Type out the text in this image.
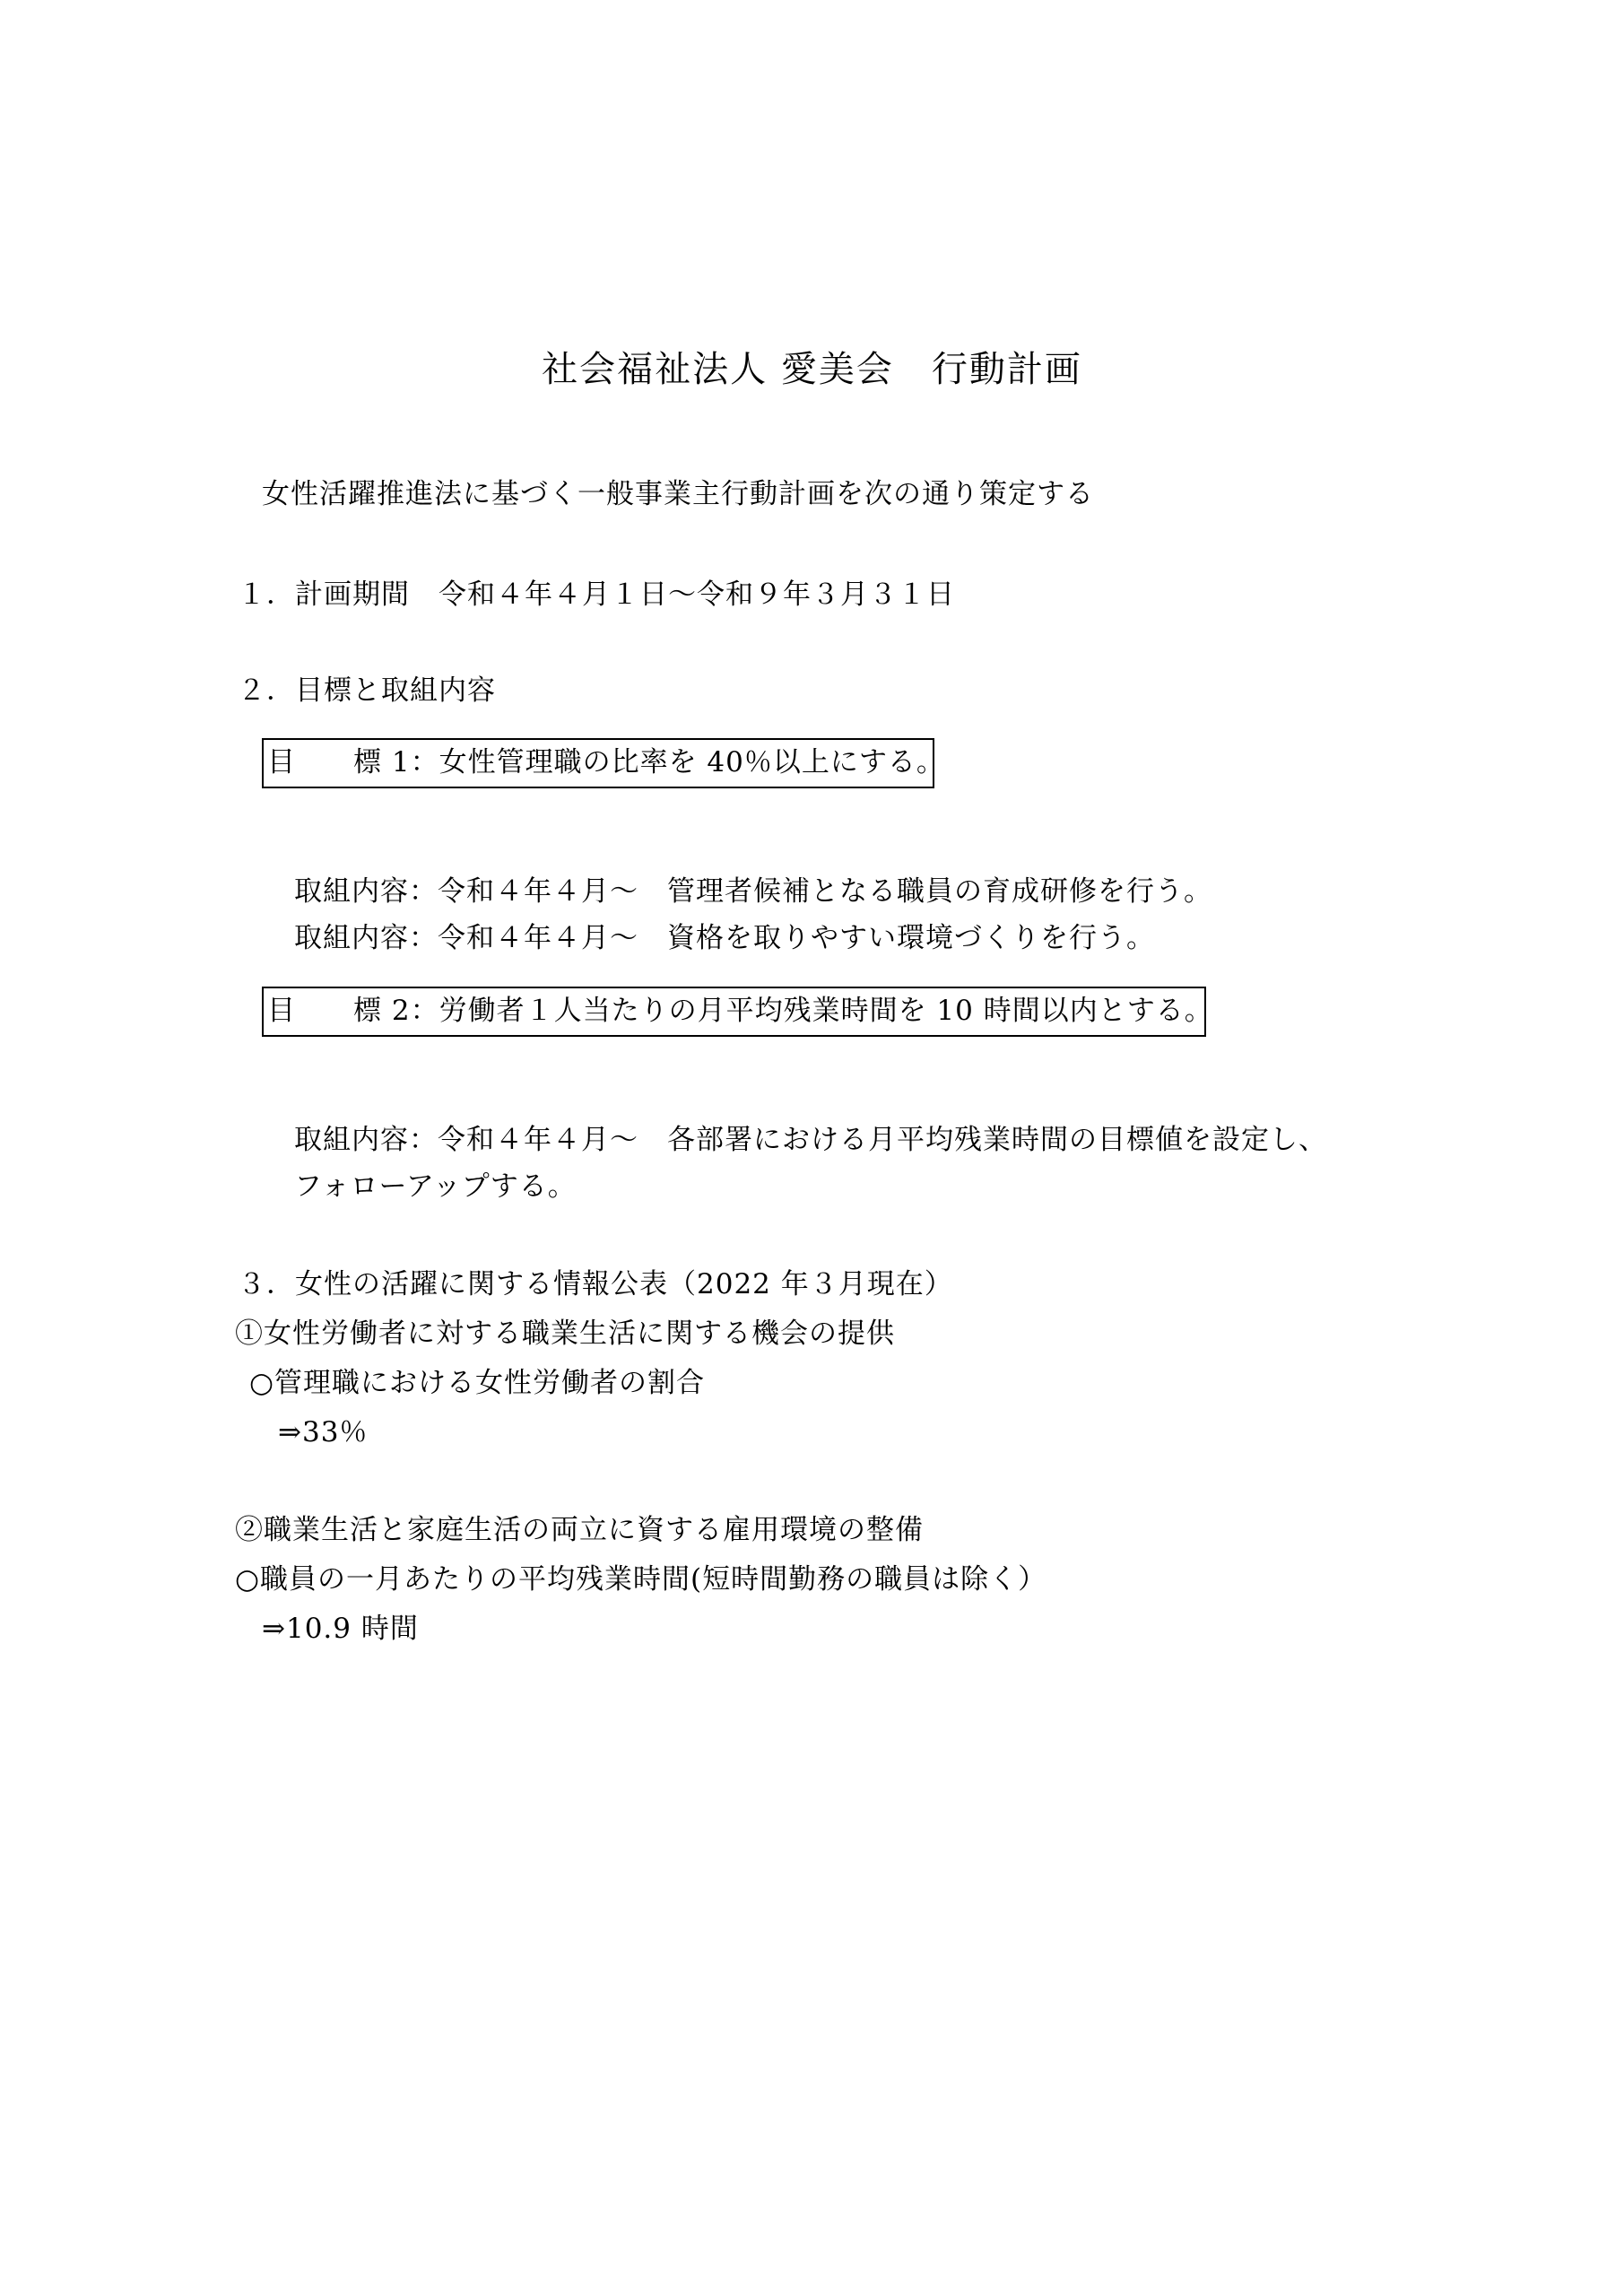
社会福祉法人 愛美会　行動計画
女性活躍推進法に基づく一般事業主行動計画を次の通り策定する
１．計画期間　令和４年４月１日～令和９年３月３１日
２．目標と取組内容
目　　標 1：女性管理職の比率を 40％以上にする。
取組内容：令和４年４月～　管理者候補となる職員の育成研修を行う。
取組内容：令和４年４月～　資格を取りやすい環境づくりを行う。
目　　標 2：労働者１人当たりの月平均残業時間を 10 時間以内とする。
取組内容：令和４年４月～　各部署における月平均残業時間の目標値を設定し、
フォローアップする。
３．女性の活躍に関する情報公表（2022 年３月現在）
①女性労働者に対する職業生活に関する機会の提供
○管理職における女性労働者の割合
⇒33％
②職業生活と家庭生活の両立に資する雇用環境の整備
○職員の一月あたりの平均残業時間(短時間勤務の職員は除く）
⇒10.9 時間
